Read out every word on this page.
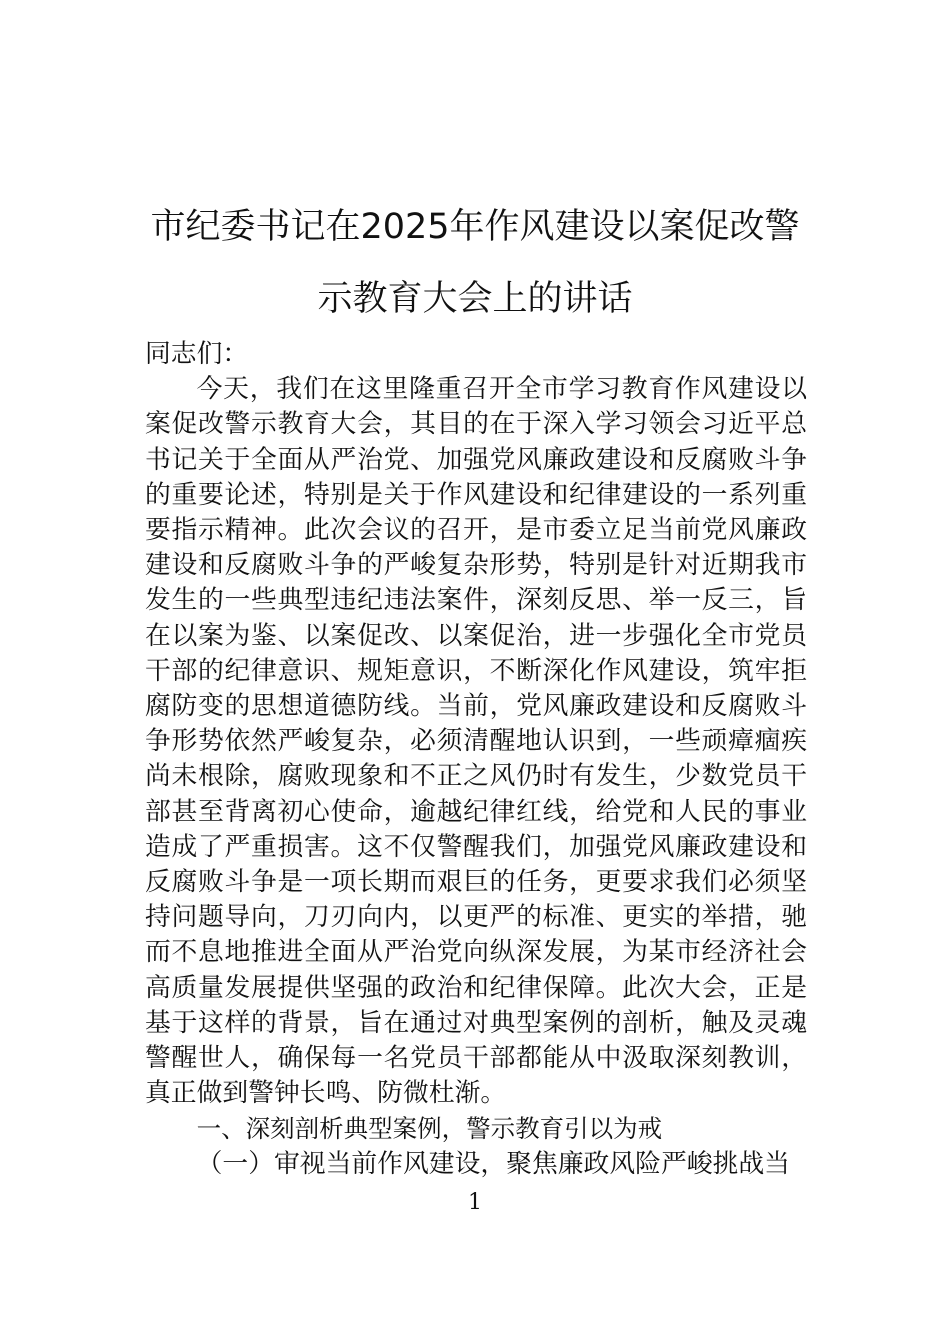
市纪委书记在2025年作风建设以案促改警
示教育大会上的讲话

同志们：

今天，我们在这里隆重召开全市学习教育作风建设以案促改警示教育大会，其目的在于深入学习领会习近平总书记关于全面从严治党、加强党风廉政建设和反腐败斗争的重要论述，特别是关于作风建设和纪律建设的一系列重要指示精神。此次会议的召开，是市委立足当前党风廉政建设和反腐败斗争的严峻复杂形势，特别是针对近期我市发生的一些典型违纪违法案件，深刻反思、举一反三，旨在以案为鉴、以案促改、以案促治，进一步强化全市党员干部的纪律意识、规矩意识，不断深化作风建设，筑牢拒腐防变的思想道德防线。当前，党风廉政建设和反腐败斗争形势依然严峻复杂，必须清醒地认识到，一些顽瘴痼疾尚未根除，腐败现象和不正之风仍时有发生，少数党员干部甚至背离初心使命，逾越纪律红线，给党和人民的事业造成了严重损害。这不仅警醒我们，加强党风廉政建设和反腐败斗争是一项长期而艰巨的任务，更要求我们必须坚持问题导向，刀刃向内，以更严的标准、更实的举措，驰而不息地推进全面从严治党向纵深发展，为某市经济社会高质量发展提供坚强的政治和纪律保障。此次大会，正是基于这样的背景，旨在通过对典型案例的剖析，触及灵魂警醒世人，确保每一名党员干部都能从中汲取深刻教训，真正做到警钟长鸣、防微杜渐。

一、深刻剖析典型案例，警示教育引以为戒

（一）审视当前作风建设，聚焦廉政风险严峻挑战当

1
